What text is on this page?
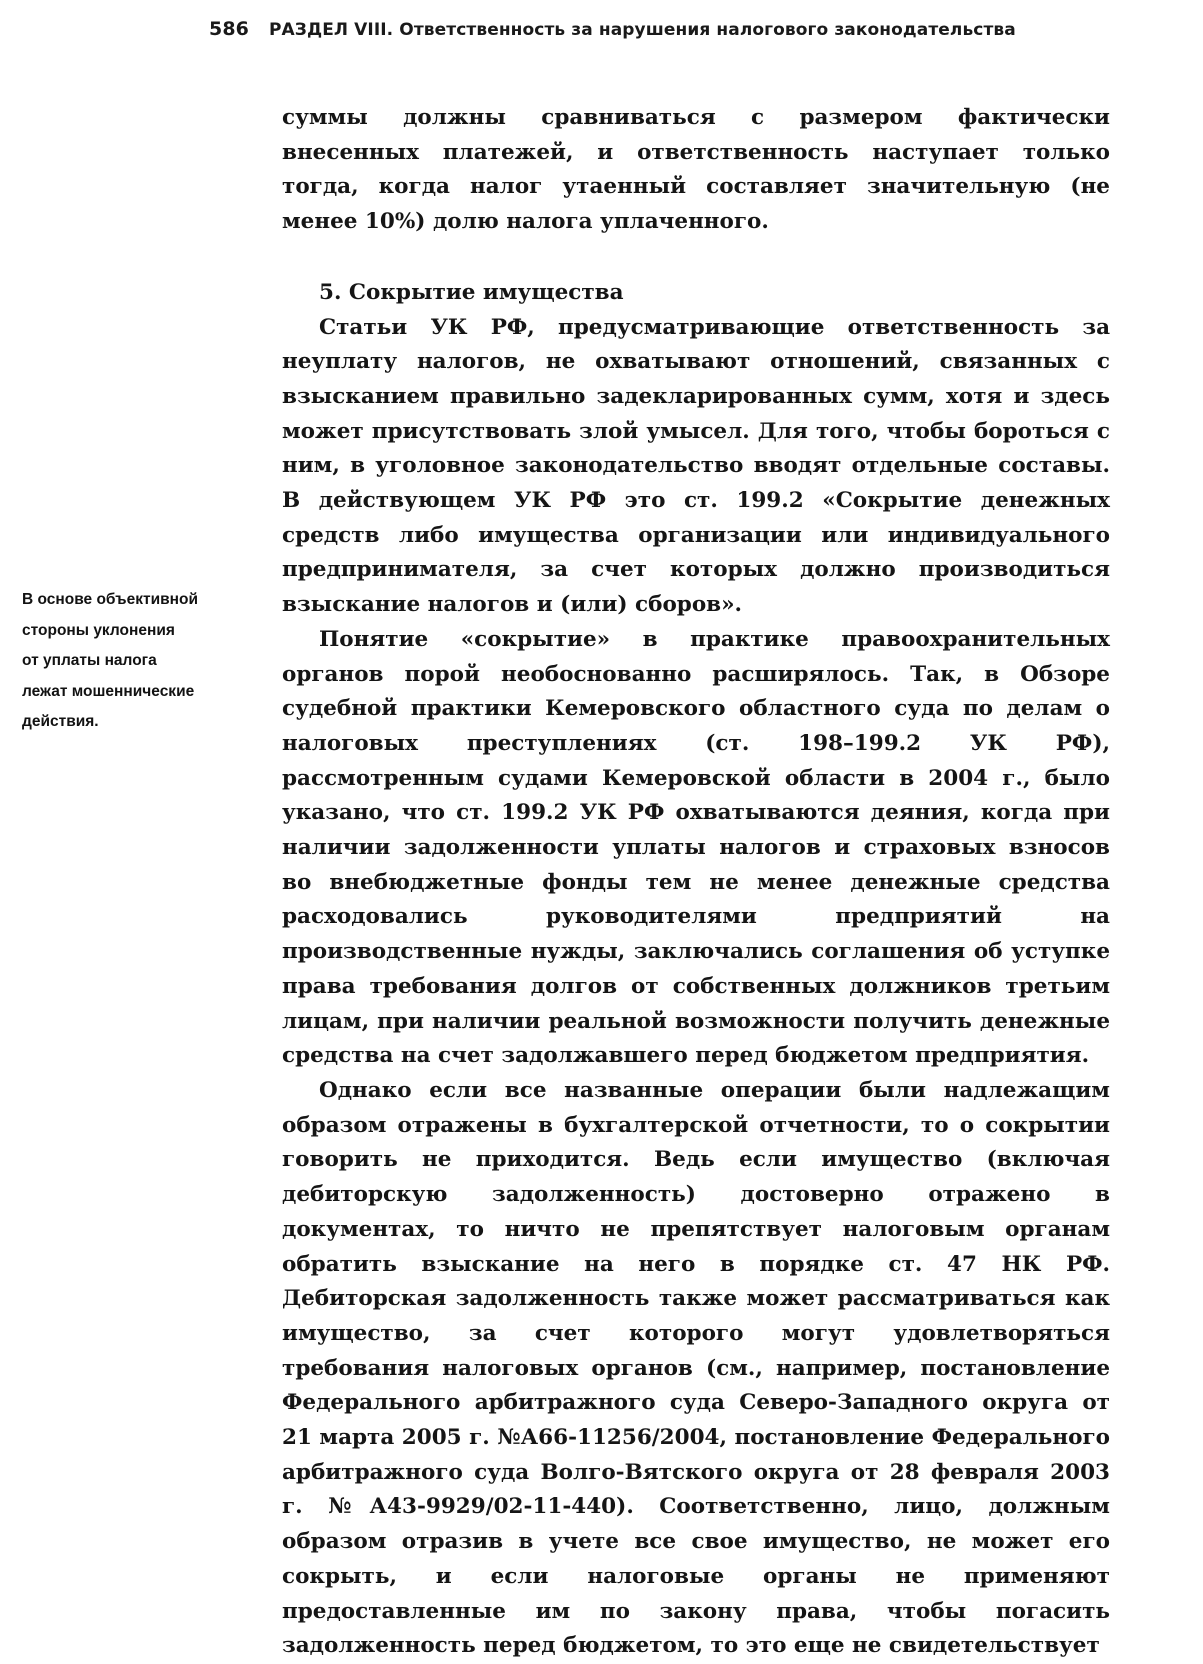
586 РАЗДЕЛ VIII. Ответственность за нарушения налогового законодательства
В основе объективной
стороны уклонения
от уплаты налога
лежат мошеннические
действия.

суммы должны сравниваться с размером фактически внесенных платежей, и ответственность наступает только тогда, когда налог утаенный составляет значительную (не менее 10%) долю налога уплаченного.

5. Сокрытие имущества

Статьи УК РФ, предусматривающие ответственность за неуплату налогов, не охватывают отношений, связанных с взысканием правильно задекларированных сумм, хотя и здесь может присутствовать злой умысел. Для того, чтобы бороться с ним, в уголовное законодательство вводят отдельные составы. В действующем УК РФ это ст. 199.2 «Сокрытие денежных средств либо имущества организации или индивидуального предпринимателя, за счет которых должно производиться взыскание налогов и (или) сборов».

Понятие «сокрытие» в практике правоохранительных органов порой необоснованно расширялось. Так, в Обзоре судебной практики Кемеровского областного суда по делам о налоговых преступлениях (ст. 198–199.2 УК РФ), рассмотренным судами Кемеровской области в 2004 г., было указано, что ст. 199.2 УК РФ охватываются деяния, когда при наличии задолженности уплаты налогов и страховых взносов во внебюджетные фонды тем не менее денежные средства расходовались руководителями предприятий на производственные нужды, заключались соглашения об уступке права требования долгов от собственных должников третьим лицам, при наличии реальной возможности получить денежные средства на счет задолжавшего перед бюджетом предприятия.

Однако если все названные операции были надлежащим образом отражены в бухгалтерской отчетности, то о сокрытии говорить не приходится. Ведь если имущество (включая дебиторскую задолженность) достоверно отражено в документах, то ничто не препятствует налоговым органам обратить взыскание на него в порядке ст. 47 НК РФ. Дебиторская задолженность также может рассматриваться как имущество, за счет которого могут удовлетворяться требования налоговых органов (см., например, постановление Федерального арбитражного суда Северо-Западного округа от 21 марта 2005 г. №А66-11256/2004, постановление Федерального арбитражного суда Волго-Вятского округа от 28 февраля 2003 г. №А43-9929/02-11-440). Соответственно, лицо, должным образом отразив в учете все свое имущество, не может его сокрыть, и если налоговые органы не применяют предоставленные им по закону права, чтобы погасить задолженность перед бюджетом, то это еще не свидетельствует
